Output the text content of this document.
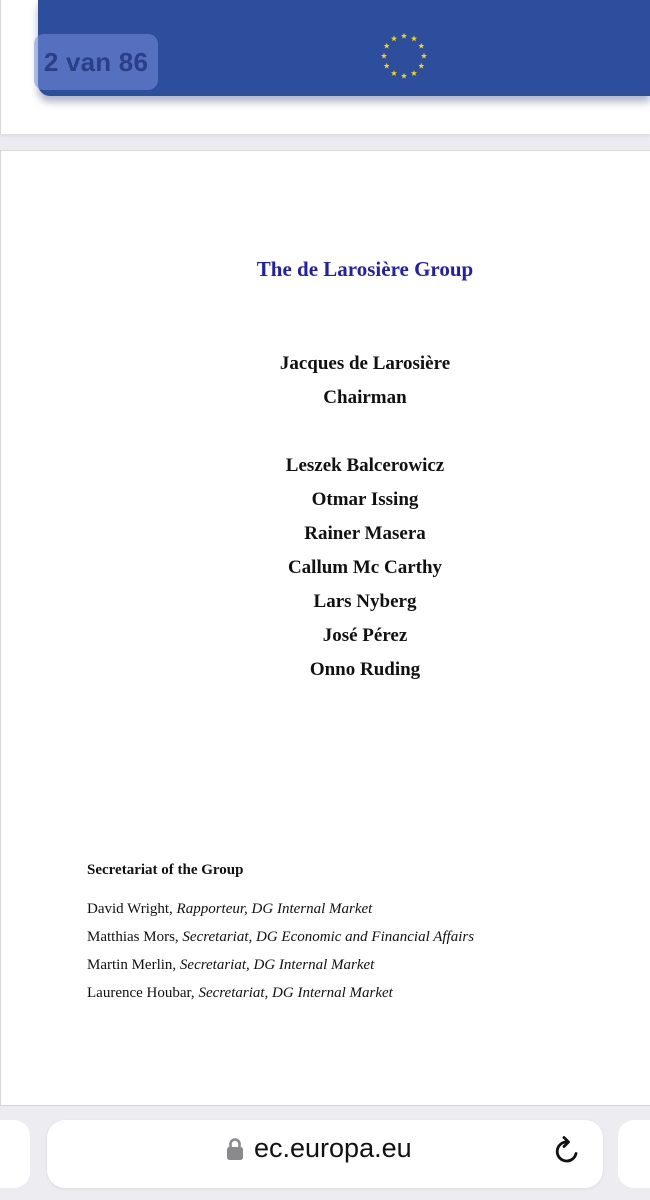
2 van 86
The de Larosière Group
Jacques de Larosière
Chairman
Leszek Balcerowicz
Otmar Issing
Rainer Masera
Callum Mc Carthy
Lars Nyberg
José Pérez
Onno Ruding
Secretariat of the Group
David Wright, Rapporteur, DG Internal Market
Matthias Mors, Secretariat, DG Economic and Financial Affairs
Martin Merlin, Secretariat, DG Internal Market
Laurence Houbar, Secretariat, DG Internal Market
ec.europa.eu
